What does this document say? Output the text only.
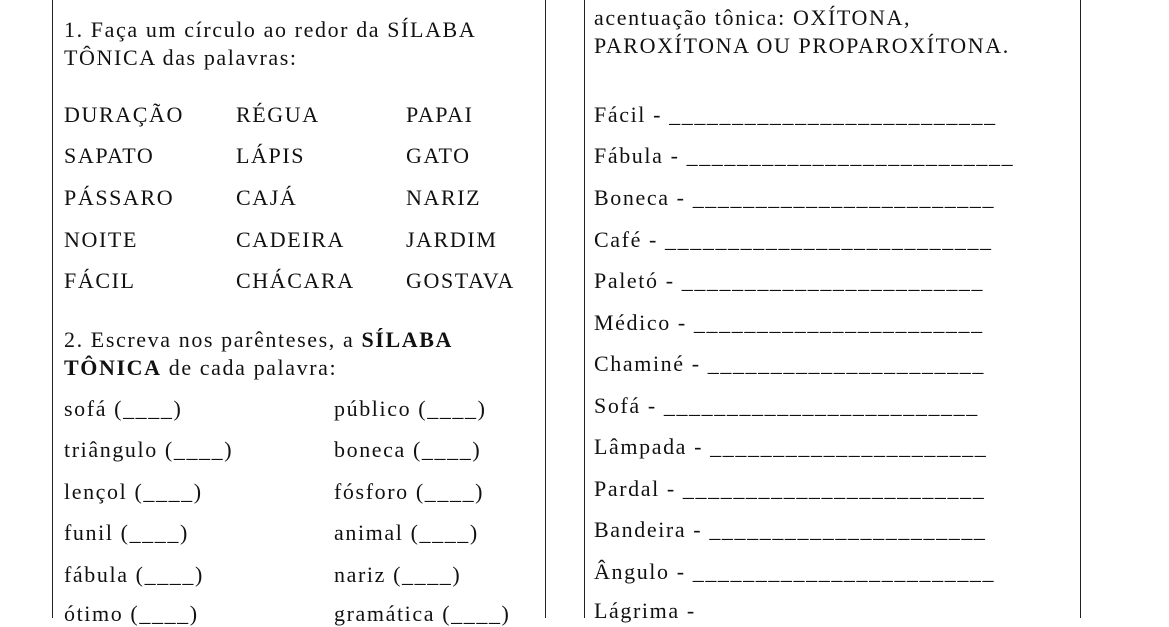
1. Faça um círculo ao redor da SÍLABA
TÔNICA das palavras:
DURAÇÃO RÉGUA	PAPAI
SAPATO	LÁPIS	GATO
PÁSSARO	CAJÁ	NARIZ
NOITE	CADEIRA	JARDIM
FÁCIL	CHÁCARA GOSTAVA
2. Escreva nos parênteses, a SÍLABA
TÔNICA de cada palavra:
sofá (____)	público (____)
triângulo (____)	boneca (____)
lençol (____)	fósforo (____)
funil (____)	animal (____)
fábula (____)	nariz (____)
ótimo (____)	gramática (____)
acentuação tônica: OXÍTONA,
PAROXÍTONA OU PROPAROXÍTONA.
Fácil - __________________________
Fábula - __________________________
Boneca - ________________________
Café - __________________________
Paletó - ________________________
Médico - _______________________
Chaminé - ______________________
Sofá - _________________________
Lâmpada - ______________________
Pardal - ________________________
Bandeira - ______________________
Ângulo - ________________________
Lágrima -
